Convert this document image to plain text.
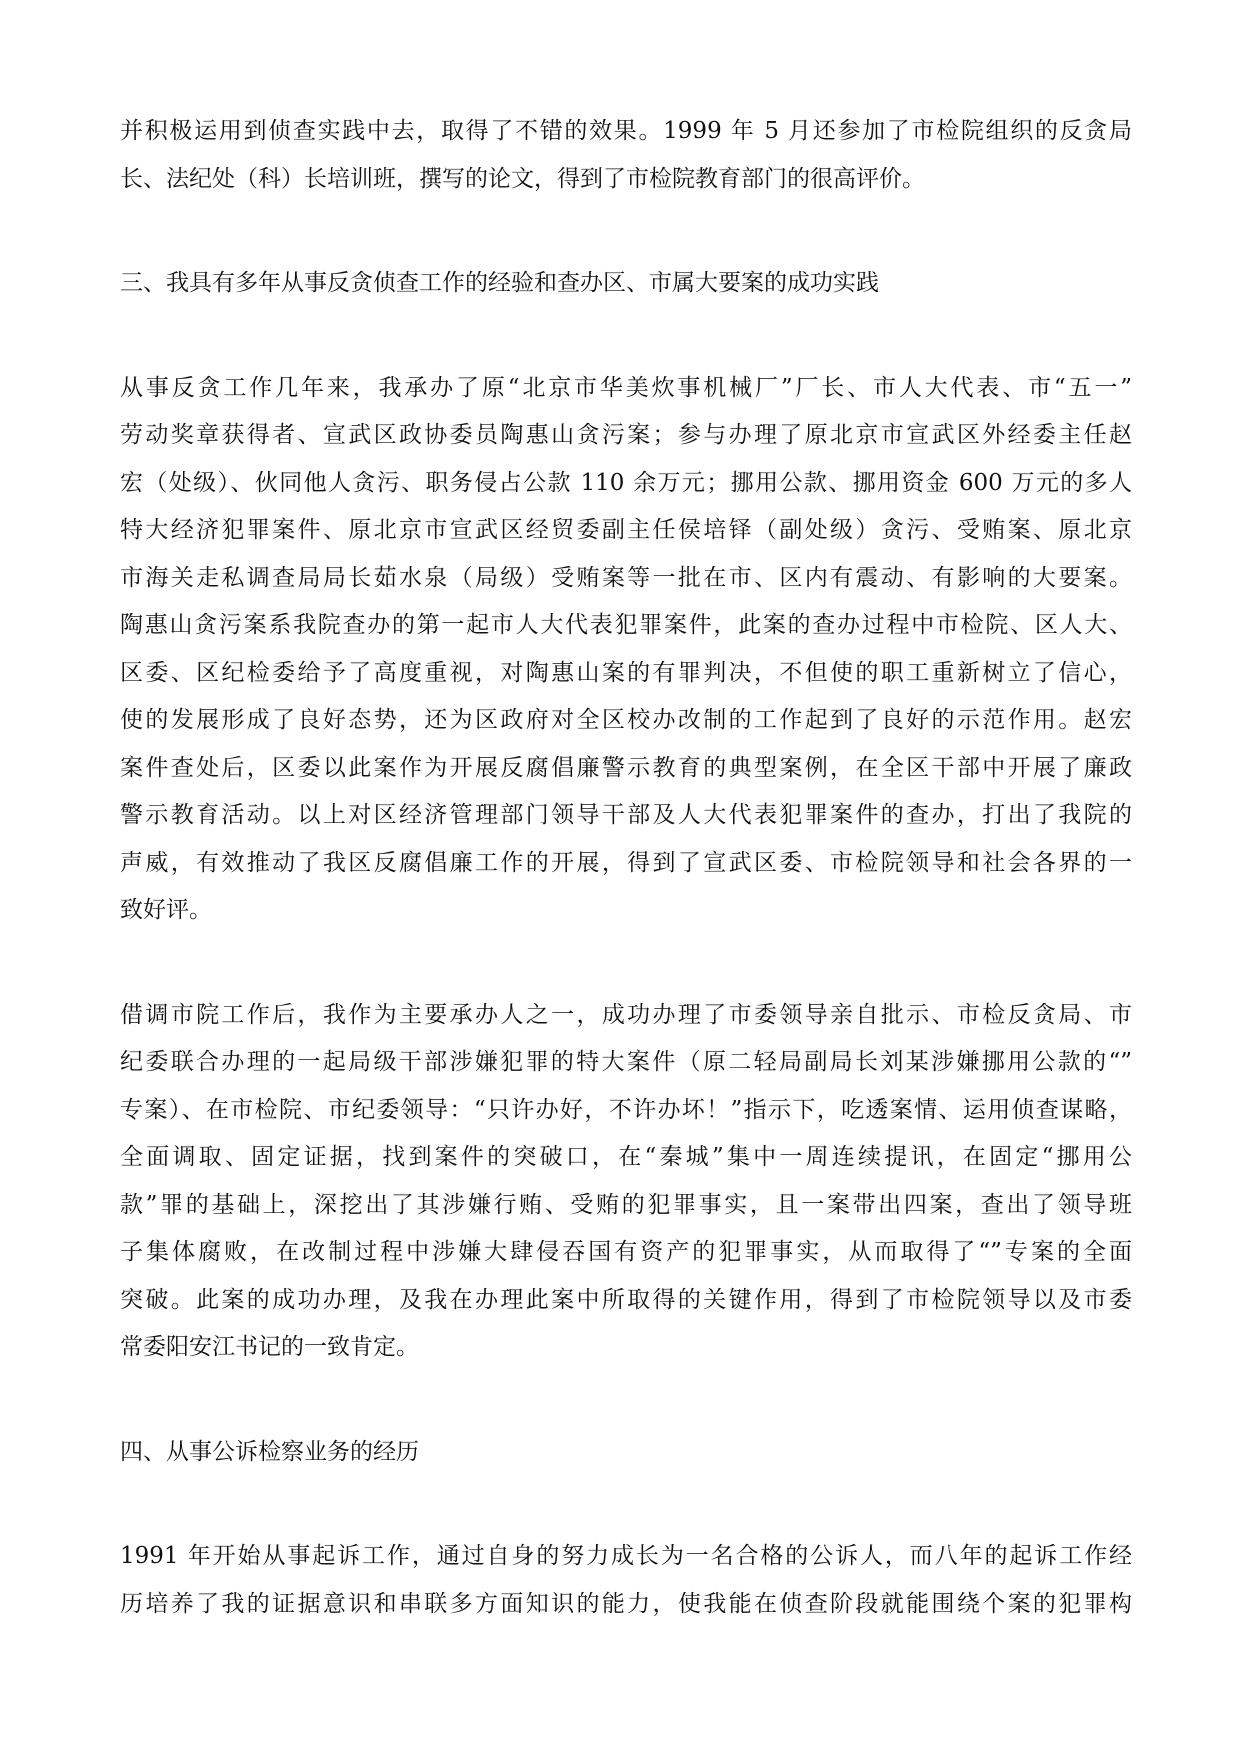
并积极运用到侦查实践中去，取得了不错的效果。1999 年 5 月还参加了市检院组织的反贪局
长、法纪处（科）长培训班，撰写的论文，得到了市检院教育部门的很高评价。

三、我具有多年从事反贪侦查工作的经验和查办区、市属大要案的成功实践

从事反贪工作几年来，我承办了原“北京市华美炊事机械厂”厂长、市人大代表、市“五一”
劳动奖章获得者、宣武区政协委员陶惠山贪污案；参与办理了原北京市宣武区外经委主任赵
宏（处级）、伙同他人贪污、职务侵占公款 110 余万元；挪用公款、挪用资金 600 万元的多人
特大经济犯罪案件、原北京市宣武区经贸委副主任侯培铎（副处级）贪污、受贿案、原北京
市海关走私调查局局长茹水泉（局级）受贿案等一批在市、区内有震动、有影响的大要案。
陶惠山贪污案系我院查办的第一起市人大代表犯罪案件，此案的查办过程中市检院、区人大、
区委、区纪检委给予了高度重视，对陶惠山案的有罪判决，不但使的职工重新树立了信心，
使的发展形成了良好态势，还为区政府对全区校办改制的工作起到了良好的示范作用。赵宏
案件查处后，区委以此案作为开展反腐倡廉警示教育的典型案例，在全区干部中开展了廉政
警示教育活动。以上对区经济管理部门领导干部及人大代表犯罪案件的查办，打出了我院的
声威，有效推动了我区反腐倡廉工作的开展，得到了宣武区委、市检院领导和社会各界的一
致好评。
借调市院工作后，我作为主要承办人之一，成功办理了市委领导亲自批示、市检反贪局、市
纪委联合办理的一起局级干部涉嫌犯罪的特大案件（原二轻局副局长刘某涉嫌挪用公款的“”
专案）、在市检院、市纪委领导：“只许办好，不许办坏！”指示下，吃透案情、运用侦查谋略，
全面调取、固定证据，找到案件的突破口，在“秦城”集中一周连续提讯，在固定“挪用公
款”罪的基础上，深挖出了其涉嫌行贿、受贿的犯罪事实，且一案带出四案，查出了领导班
子集体腐败，在改制过程中涉嫌大肆侵吞国有资产的犯罪事实，从而取得了“”专案的全面
突破。此案的成功办理，及我在办理此案中所取得的关键作用，得到了市检院领导以及市委
常委阳安江书记的一致肯定。

四、从事公诉检察业务的经历

1991 年开始从事起诉工作，通过自身的努力成长为一名合格的公诉人，而八年的起诉工作经
历培养了我的证据意识和串联多方面知识的能力，使我能在侦查阶段就能围绕个案的犯罪构
